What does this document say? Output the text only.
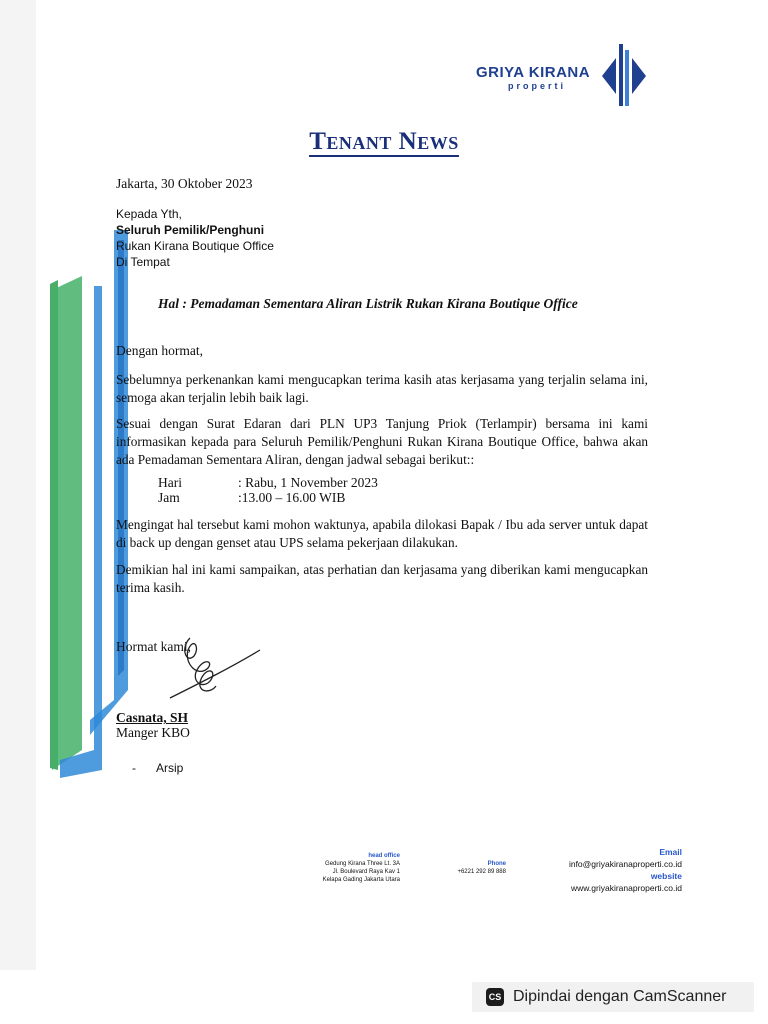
GRIYA KIRANA
properti
Tenant News
Jakarta, 30 Oktober 2023
Kepada Yth,
Seluruh Pemilik/Penghuni
Rukan Kirana Boutique Office
Di Tempat
Hal : Pemadaman Sementara Aliran Listrik Rukan Kirana Boutique Office
Dengan hormat,
Sebelumnya perkenankan kami mengucapkan terima kasih atas kerjasama yang terjalin selama ini, semoga akan terjalin lebih baik lagi.
Sesuai dengan Surat Edaran dari PLN UP3 Tanjung Priok (Terlampir) bersama ini kami informasikan kepada para Seluruh Pemilik/Penghuni Rukan Kirana Boutique Office, bahwa akan ada Pemadaman Sementara Aliran, dengan jadwal sebagai berikut::
Hari	: Rabu, 1 November 2023
Jam	:13.00 – 16.00 WIB
Mengingat hal tersebut kami mohon waktunya, apabila dilokasi Bapak / Ibu ada server untuk dapat di back up dengan genset atau UPS selama pekerjaan dilakukan.
Demikian hal ini kami sampaikan, atas perhatian dan kerjasama yang diberikan kami mengucapkan terima kasih.
Hormat kami,
Casnata, SH
Manger KBO
- Arsip
head office
Gedung Kirana Three Lt. 3A
Jl. Boulevard Raya Kav 1
Kelapa Gading Jakarta Utara
Phone
+6221 292 89 888
Email
info@griyakiranaproperti.co.id
website
www.griyakiranaproperti.co.id
CS Dipindai dengan CamScanner
